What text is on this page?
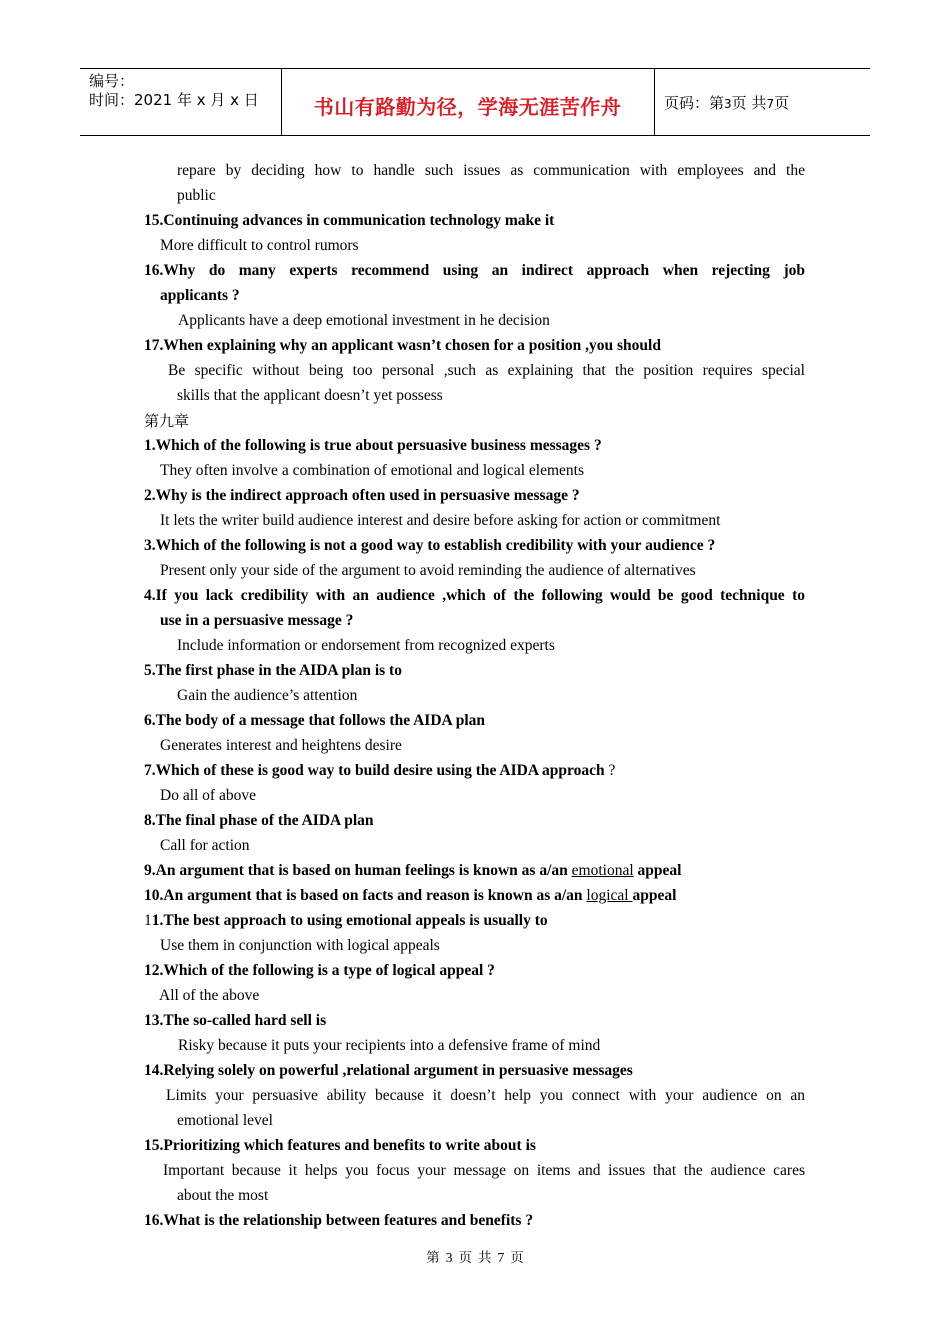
编号：
时间：2021 年 x 月 x 日	书山有路勤为径，学海无涯苦作舟	页码：第3页 共7页
repare by deciding how to handle such issues as communication with employees and the
public
15.Continuing advances in communication technology make it
More difficult to control rumors
16.Why do many experts recommend using an indirect approach when rejecting job
applicants ?
Applicants have a deep emotional investment in he decision
17.When explaining why an applicant wasn’t chosen for a position ,you should
Be specific without being too personal ,such as explaining that the position requires special
skills that the applicant doesn’t yet possess
第九章
1.Which of the following is true about persuasive business messages ?
They often involve a combination of emotional and logical elements
2.Why is the indirect approach often used in persuasive message ?
It lets the writer build audience interest and desire before asking for action or commitment
3.Which of the following is not a good way to establish credibility with your audience ?
Present only your side of the argument to avoid reminding the audience of alternatives
4.If you lack credibility with an audience ,which of the following would be good technique to
use in a persuasive message ?
Include information or endorsement from recognized experts
5.The first phase in the AIDA plan is to
Gain the audience’s attention
6.The body of a message that follows the AIDA plan
Generates interest and heightens desire
7.Which of these is good way to build desire using the AIDA approach ?
Do all of above
8.The final phase of the AIDA plan
Call for action
9.An argument that is based on human feelings is known as a/an emotional appeal
10.An argument that is based on facts and reason is known as a/an logical appeal
11.The best approach to using emotional appeals is usually to
Use them in conjunction with logical appeals
12.Which of the following is a type of logical appeal ?
All of the above
13.The so-called hard sell is
Risky because it puts your recipients into a defensive frame of mind
14.Relying solely on powerful ,relational argument in persuasive messages
Limits your persuasive ability because it doesn’t help you connect with your audience on an
emotional level
15.Prioritizing which features and benefits to write about is
Important because it helps you focus your message on items and issues that the audience cares
about the most
16.What is the relationship between features and benefits ?
第 3 页 共 7 页
